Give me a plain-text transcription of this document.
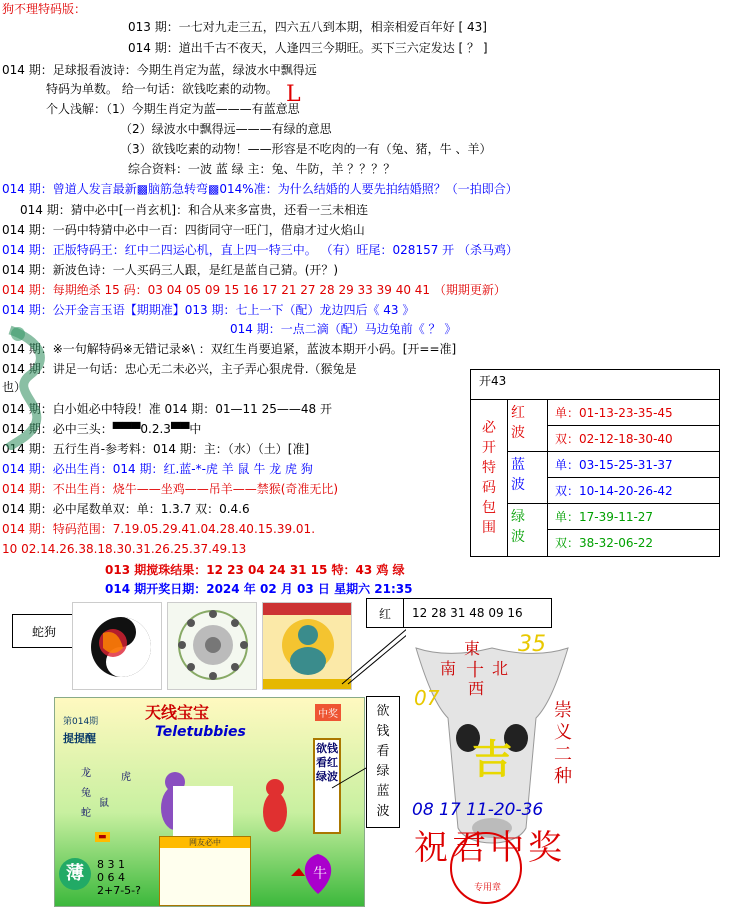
狗不理特码版：
013 期：一七对九走三五，四六五八到本期，相亲相爱百年好 [ 43]
014 期：道出千古不夜天，人逢四三今期旺。买下三六定发达 [ ？ ]
014 期：足球报看波诗：今期生肖定为蓝，绿波水中飘得远
特码为单数。 给一句话：欲钱吃素的动物。
个人浅解：（1）今期生肖定为蓝———有蓝意思
（2）绿波水中飘得远———有绿的意思
（3）欲钱吃素的动物！——形容是不吃肉的一有（兔、猪，牛 、羊）
综合资料：一波 蓝 绿 主：兔、牛防，羊 ？？？？
014 期：曾道人发言最新▩脑筋急转弯▩014%准：为什么结婚的人要先拍结婚照？（一拍即合）
014 期：猜中必中[一肖玄机]：和合从来多富贵，还看一三未相连
014 期：一码中特猜中必中一百：四街同守一旺门，借扇才过火焰山
014 期：正版特码王：红中二四运心机，直上四一特三中。 （有）旺尾：028157 开 （杀马鸡）
014 期：新波色诗：一人买码三人跟，是红是蓝自己猜。(开？)
014 期：每期绝杀 15 码：03 04 05 09 15 16 17 21 27 28 29 33 39 40 41 （期期更新）
014 期：公开金言玉语【期期准】013 期：七上一下（配）龙边四后《 43 》
014 期：一点二滴（配）马边兔前《 ？ 》
014 期：※一句解特码※无错记录※\ ：双红生肖要追紧，蓝波本期开小码。[开==准]
014 期：讲足一句话：忠心无二未必兴，主子弄心狠虎骨.（猴兔是
也）
014 期：白小姐必中特段！准 014 期：01—11 25——48 开
014 期：必中三头：▀▀▀0.2.3▀▀中
014 期：五行生肖-参考料：014 期：主：（水）（土）[准]
014 期：必出生肖：014 期：红.蓝-*-虎 羊 鼠 牛 龙 虎 狗
014 期：不出生肖：烧牛——坐鸡——吊羊——禁猴(奇准无比)
014 期：必中尾数单双：单：1.3.7 双：0.4.6
014 期：特码范围：7.19.05.29.41.04.28.40.15.39.01.
10 02.14.26.38.18.30.31.26.25.37.49.13
013 期搅珠结果：12 23 04 24 31 15 特：43 鸡 绿
014 期开奖日期：2024 年 02 月 03 日 星期六 21:35
开43
必开特码包围
红波
单：01-13-23-35-45
双：02-12-18-30-40
蓝波
单：03-15-25-31-37
双：10-14-20-26-42
绿波
单：17-39-11-27
双：38-32-06-22
蛇狗
红 12 28 31 48 09 16
天线宝宝
Teletubbies
第014期
提提醒
龙	虎
兔
鼠
蛇
中奖
欲钱看红绿波
▬
薄	8 3 1
0 6 4
2+7-5-?
网友必中
牛
欲钱看绿蓝波
35
東
南 十 北
西
07
崇义二种
吉
08 17 11-20-36
祝君中奖
专用章
L
